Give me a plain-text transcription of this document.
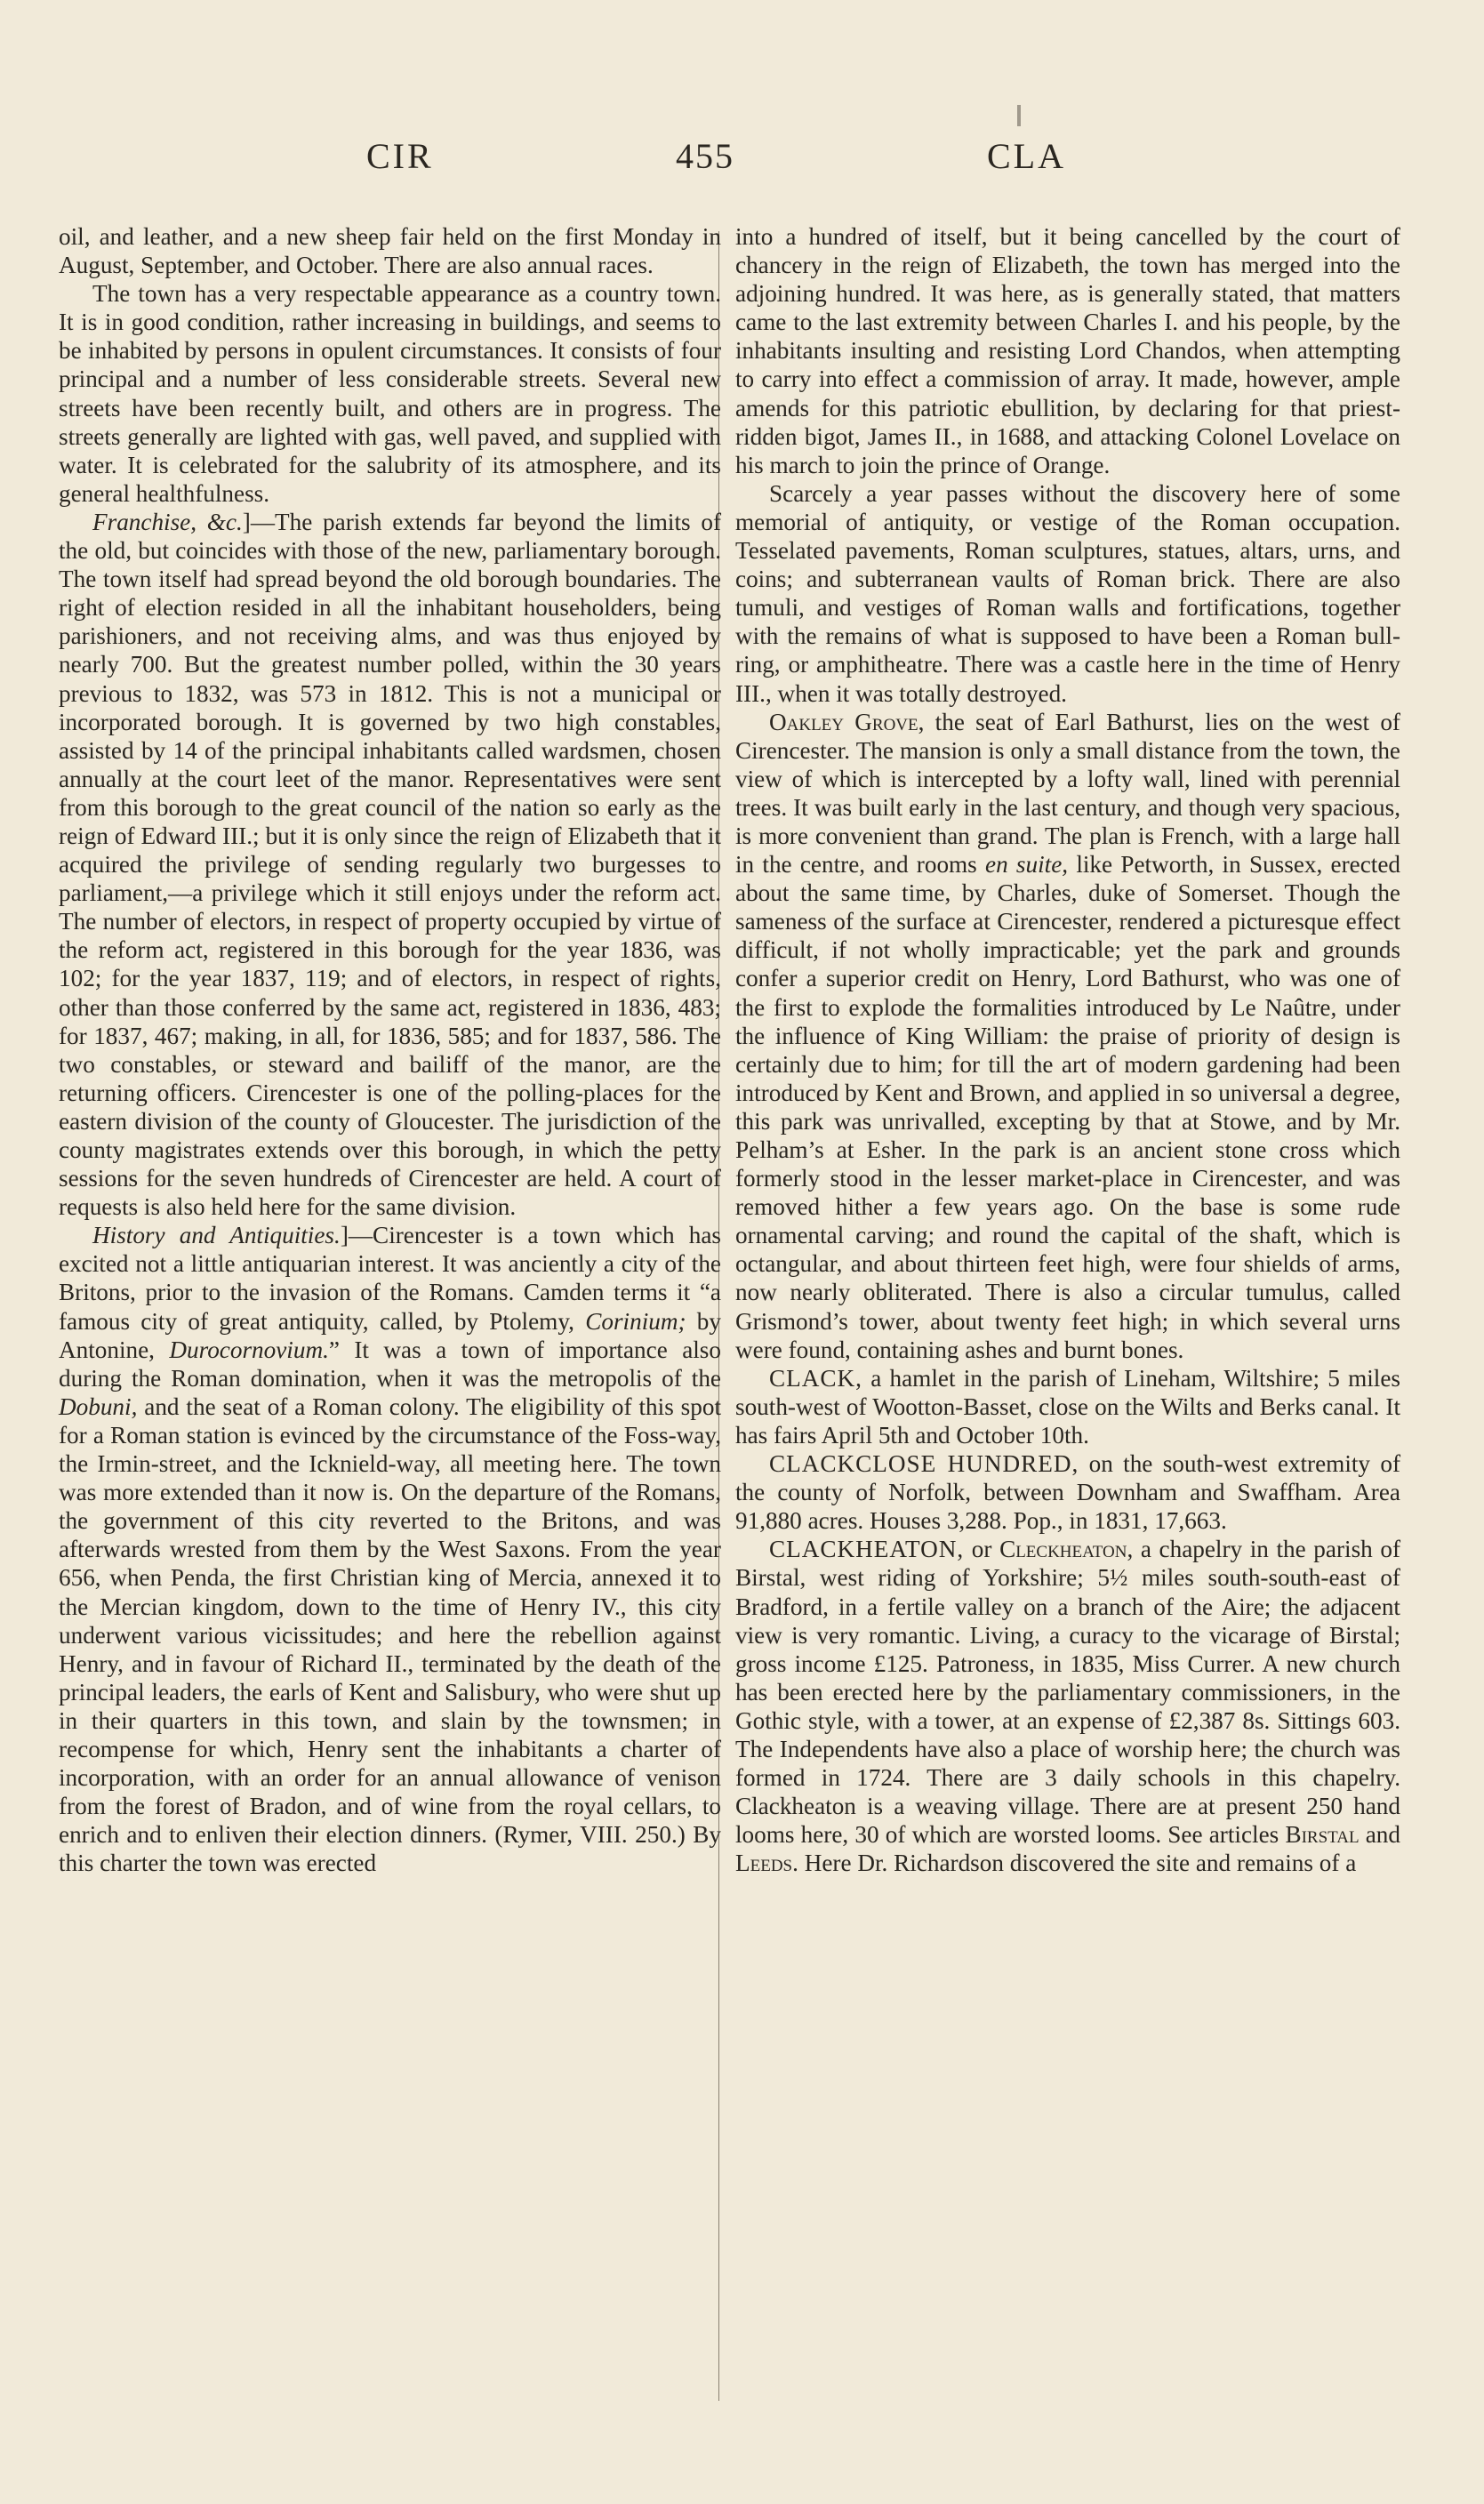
CIR	455	CLA

oil, and leather, and a new sheep fair held on the first Monday in August, September, and October. There are also annual races.

The town has a very respectable appearance as a country town. It is in good condition, rather increasing in buildings, and seems to be inhabited by persons in opulent circumstances. It consists of four principal and a number of less considerable streets. Several new streets have been recently built, and others are in progress. The streets generally are lighted with gas, well paved, and supplied with water. It is celebrated for the salubrity of its atmosphere, and its general healthfulness.

Franchise, &c.]—The parish extends far beyond the limits of the old, but coincides with those of the new, parliamentary borough. The town itself had spread beyond the old borough boundaries. The right of election resided in all the inhabitant householders, being parishioners, and not receiving alms, and was thus enjoyed by nearly 700. But the greatest number polled, within the 30 years previous to 1832, was 573 in 1812. This is not a municipal or incorporated borough. It is governed by two high constables, assisted by 14 of the principal inhabitants called wardsmen, chosen annually at the court leet of the manor. Representatives were sent from this borough to the great council of the nation so early as the reign of Edward III.; but it is only since the reign of Elizabeth that it acquired the privilege of sending regularly two burgesses to parliament,—a privilege which it still enjoys under the reform act. The number of electors, in respect of property occupied by virtue of the reform act, registered in this borough for the year 1836, was 102; for the year 1837, 119; and of electors, in respect of rights, other than those conferred by the same act, registered in 1836, 483; for 1837, 467; making, in all, for 1836, 585; and for 1837, 586. The two constables, or steward and bailiff of the manor, are the returning officers. Cirencester is one of the polling-places for the eastern division of the county of Gloucester. The jurisdiction of the county magistrates extends over this borough, in which the petty sessions for the seven hundreds of Cirencester are held. A court of requests is also held here for the same division.

History and Antiquities.]—Cirencester is a town which has excited not a little antiquarian interest. It was anciently a city of the Britons, prior to the invasion of the Romans. Camden terms it “a famous city of great antiquity, called, by Ptolemy, Corinium; by Antonine, Durocornovium.” It was a town of importance also during the Roman domination, when it was the metropolis of the Dobuni, and the seat of a Roman colony. The eligibility of this spot for a Roman station is evinced by the circumstance of the Foss-way, the Irmin-street, and the Icknield-way, all meeting here. The town was more extended than it now is. On the departure of the Romans, the government of this city reverted to the Britons, and was afterwards wrested from them by the West Saxons. From the year 656, when Penda, the first Christian king of Mercia, annexed it to the Mercian kingdom, down to the time of Henry IV., this city underwent various vicissitudes; and here the rebellion against Henry, and in favour of Richard II., terminated by the death of the principal leaders, the earls of Kent and Salisbury, who were shut up in their quarters in this town, and slain by the townsmen; in recompense for which, Henry sent the inhabitants a charter of incorporation, with an order for an annual allowance of venison from the forest of Bradon, and of wine from the royal cellars, to enrich and to enliven their election dinners. (Rymer, VIII. 250.) By this charter the town was erected

into a hundred of itself, but it being cancelled by the court of chancery in the reign of Elizabeth, the town has merged into the adjoining hundred. It was here, as is generally stated, that matters came to the last extremity between Charles I. and his people, by the inhabitants insulting and resisting Lord Chandos, when attempting to carry into effect a commission of array. It made, however, ample amends for this patriotic ebullition, by declaring for that priest-ridden bigot, James II., in 1688, and attacking Colonel Lovelace on his march to join the prince of Orange.

Scarcely a year passes without the discovery here of some memorial of antiquity, or vestige of the Roman occupation. Tesselated pavements, Roman sculptures, statues, altars, urns, and coins; and subterranean vaults of Roman brick. There are also tumuli, and vestiges of Roman walls and fortifications, together with the remains of what is supposed to have been a Roman bull-ring, or amphitheatre. There was a castle here in the time of Henry III., when it was totally destroyed.

Oakley Grove, the seat of Earl Bathurst, lies on the west of Cirencester. The mansion is only a small distance from the town, the view of which is intercepted by a lofty wall, lined with perennial trees. It was built early in the last century, and though very spacious, is more convenient than grand. The plan is French, with a large hall in the centre, and rooms en suite, like Petworth, in Sussex, erected about the same time, by Charles, duke of Somerset. Though the sameness of the surface at Cirencester, rendered a picturesque effect difficult, if not wholly impracticable; yet the park and grounds confer a superior credit on Henry, Lord Bathurst, who was one of the first to explode the formalities introduced by Le Naûtre, under the influence of King William: the praise of priority of design is certainly due to him; for till the art of modern gardening had been introduced by Kent and Brown, and applied in so universal a degree, this park was unrivalled, excepting by that at Stowe, and by Mr. Pelham’s at Esher. In the park is an ancient stone cross which formerly stood in the lesser market-place in Cirencester, and was removed hither a few years ago. On the base is some rude ornamental carving; and round the capital of the shaft, which is octangular, and about thirteen feet high, were four shields of arms, now nearly obliterated. There is also a circular tumulus, called Grismond’s tower, about twenty feet high; in which several urns were found, containing ashes and burnt bones.

CLACK, a hamlet in the parish of Lineham, Wiltshire; 5 miles south-west of Wootton-Basset, close on the Wilts and Berks canal. It has fairs April 5th and October 10th.

CLACKCLOSE HUNDRED, on the south-west extremity of the county of Norfolk, between Downham and Swaffham. Area 91,880 acres. Houses 3,288. Pop., in 1831, 17,663.

CLACKHEATON, or Cleckheaton, a chapelry in the parish of Birstal, west riding of Yorkshire; 5½ miles south-south-east of Bradford, in a fertile valley on a branch of the Aire; the adjacent view is very romantic. Living, a curacy to the vicarage of Birstal; gross income £125. Patroness, in 1835, Miss Currer. A new church has been erected here by the parliamentary commissioners, in the Gothic style, with a tower, at an expense of £2,387 8s. Sittings 603. The Independents have also a place of worship here; the church was formed in 1724. There are 3 daily schools in this chapelry. Clackheaton is a weaving village. There are at present 250 hand looms here, 30 of which are worsted looms. See articles Birstal and Leeds. Here Dr. Richardson discovered the site and remains of a
